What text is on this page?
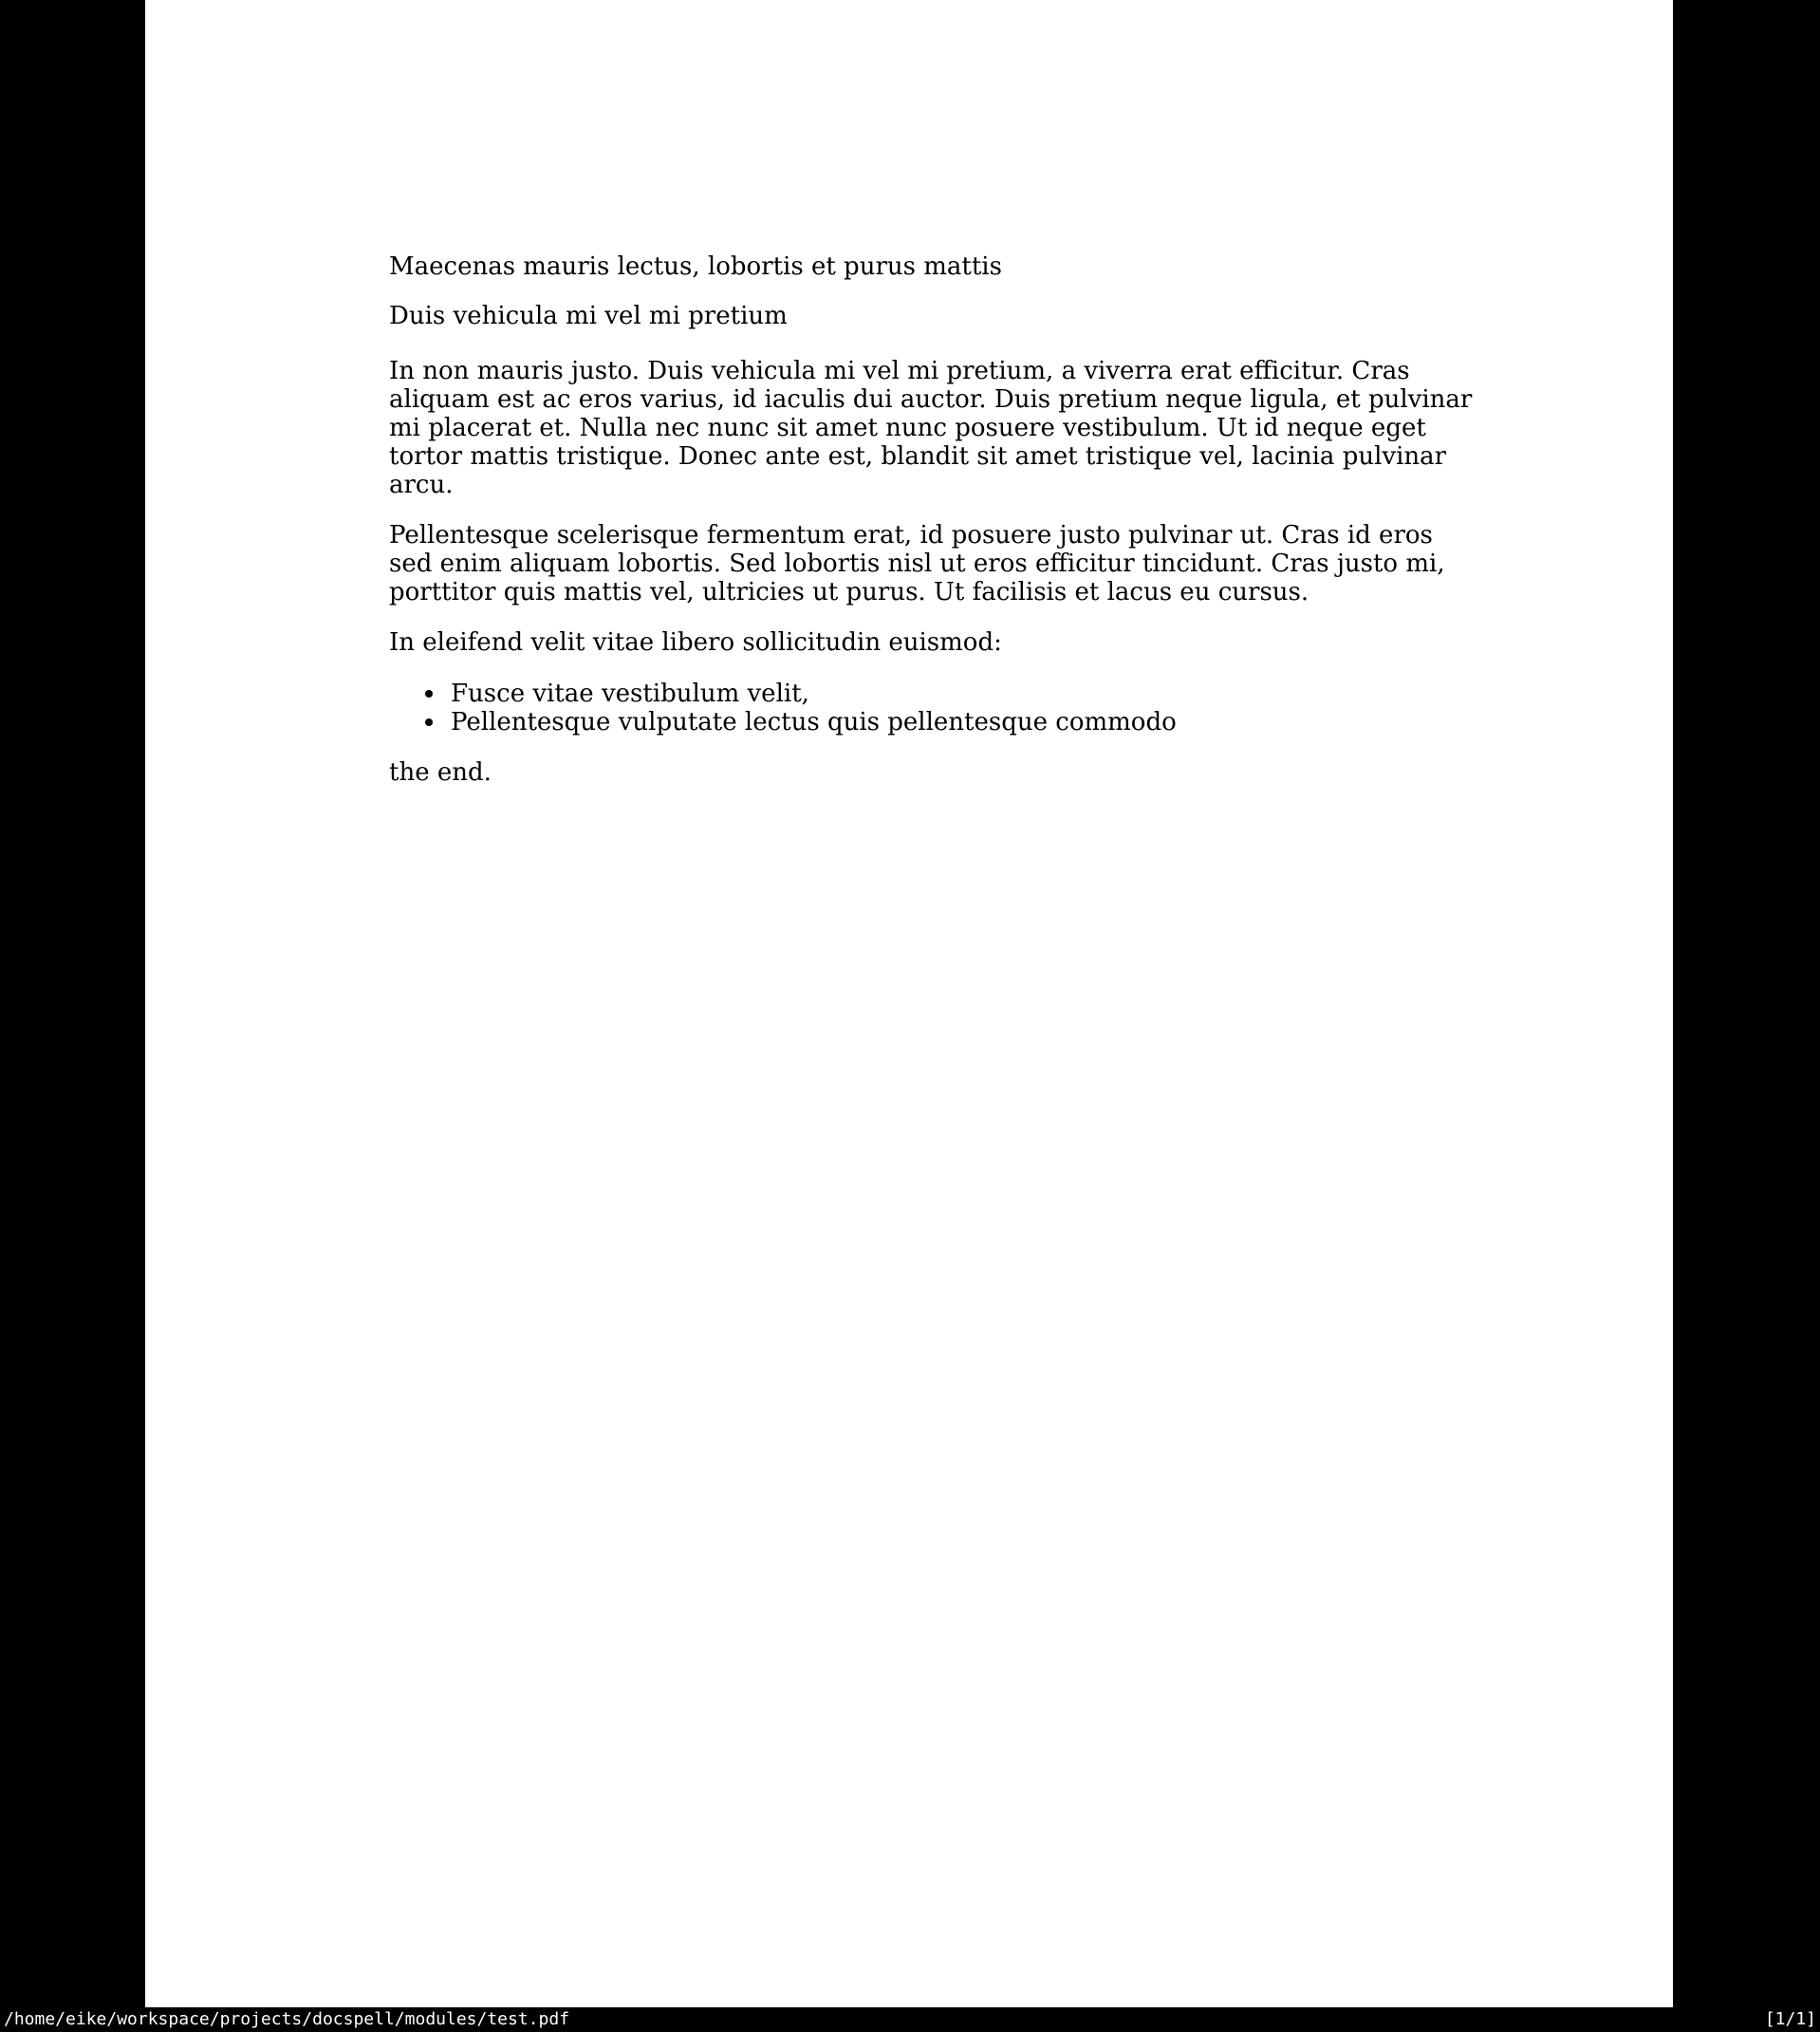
Maecenas mauris lectus, lobortis et purus mattis
Duis vehicula mi vel mi pretium
In non mauris justo. Duis vehicula mi vel mi pretium, a viverra erat efficitur. Cras
aliquam est ac eros varius, id iaculis dui auctor. Duis pretium neque ligula, et pulvinar
mi placerat et. Nulla nec nunc sit amet nunc posuere vestibulum. Ut id neque eget
tortor mattis tristique. Donec ante est, blandit sit amet tristique vel, lacinia pulvinar
arcu.
Pellentesque scelerisque fermentum erat, id posuere justo pulvinar ut. Cras id eros
sed enim aliquam lobortis. Sed lobortis nisl ut eros efficitur tincidunt. Cras justo mi,
porttitor quis mattis vel, ultricies ut purus. Ut facilisis et lacus eu cursus.
In eleifend velit vitae libero sollicitudin euismod:
Fusce vitae vestibulum velit,
Pellentesque vulputate lectus quis pellentesque commodo
the end.
/home/eike/workspace/projects/docspell/modules/test.pdf	[1/1]
